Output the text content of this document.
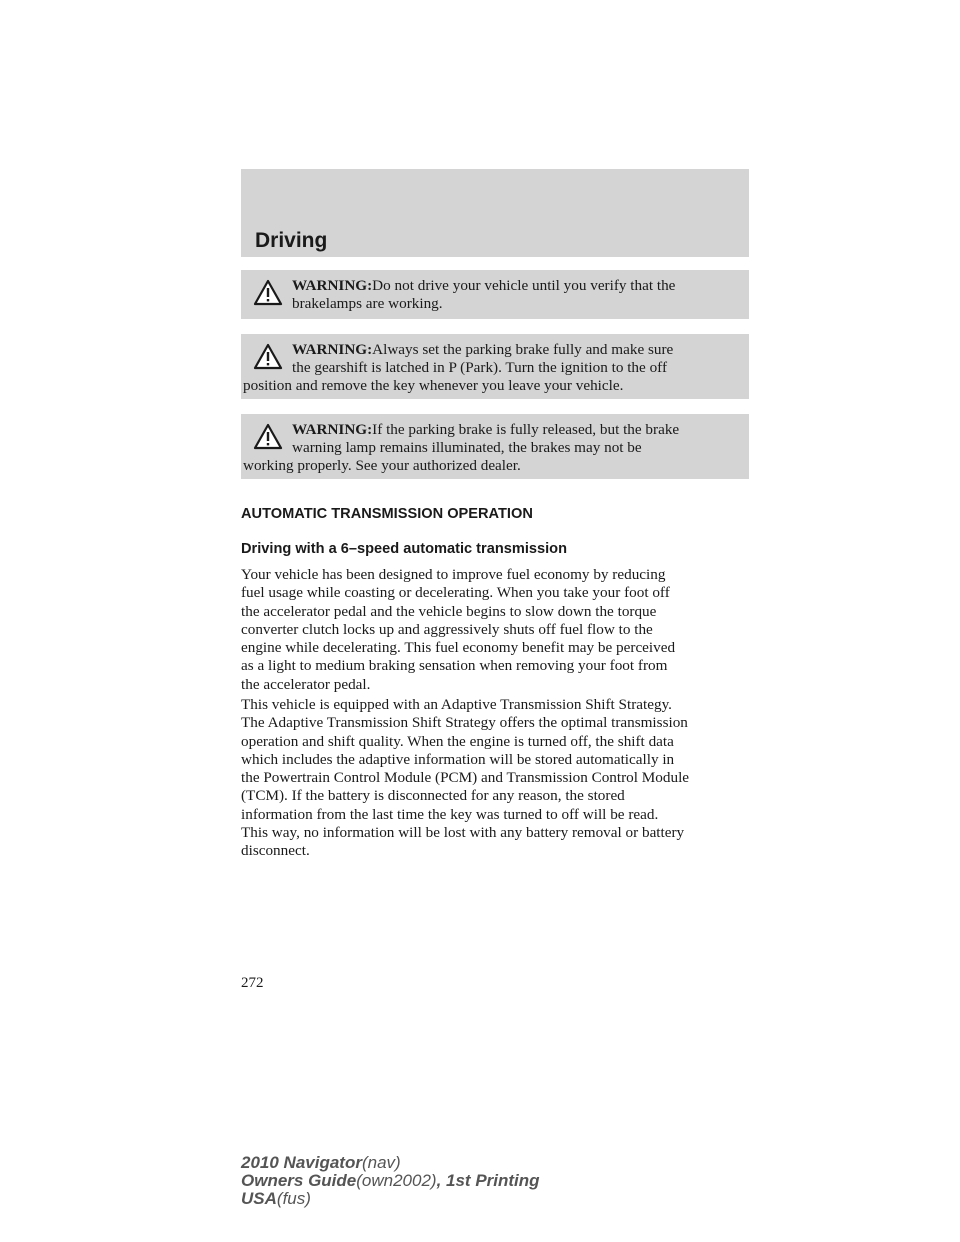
Driving
WARNING:Do not drive your vehicle until you verify that the
brakelamps are working.
WARNING:Always set the parking brake fully and make sure
the gearshift is latched in P (Park). Turn the ignition to the off
position and remove the key whenever you leave your vehicle.
WARNING:If the parking brake is fully released, but the brake
warning lamp remains illuminated, the brakes may not be
working properly. See your authorized dealer.
AUTOMATIC TRANSMISSION OPERATION
Driving with a 6–speed automatic transmission
Your vehicle has been designed to improve fuel economy by reducing
fuel usage while coasting or decelerating. When you take your foot off
the accelerator pedal and the vehicle begins to slow down the torque
converter clutch locks up and aggressively shuts off fuel flow to the
engine while decelerating. This fuel economy benefit may be perceived
as a light to medium braking sensation when removing your foot from
the accelerator pedal.
This vehicle is equipped with an Adaptive Transmission Shift Strategy.
The Adaptive Transmission Shift Strategy offers the optimal transmission
operation and shift quality. When the engine is turned off, the shift data
which includes the adaptive information will be stored automatically in
the Powertrain Control Module (PCM) and Transmission Control Module
(TCM). If the battery is disconnected for any reason, the stored
information from the last time the key was turned to off will be read.
This way, no information will be lost with any battery removal or battery
disconnect.
272
2010 Navigator(nav)
Owners Guide(own2002), 1st Printing
USA(fus)
